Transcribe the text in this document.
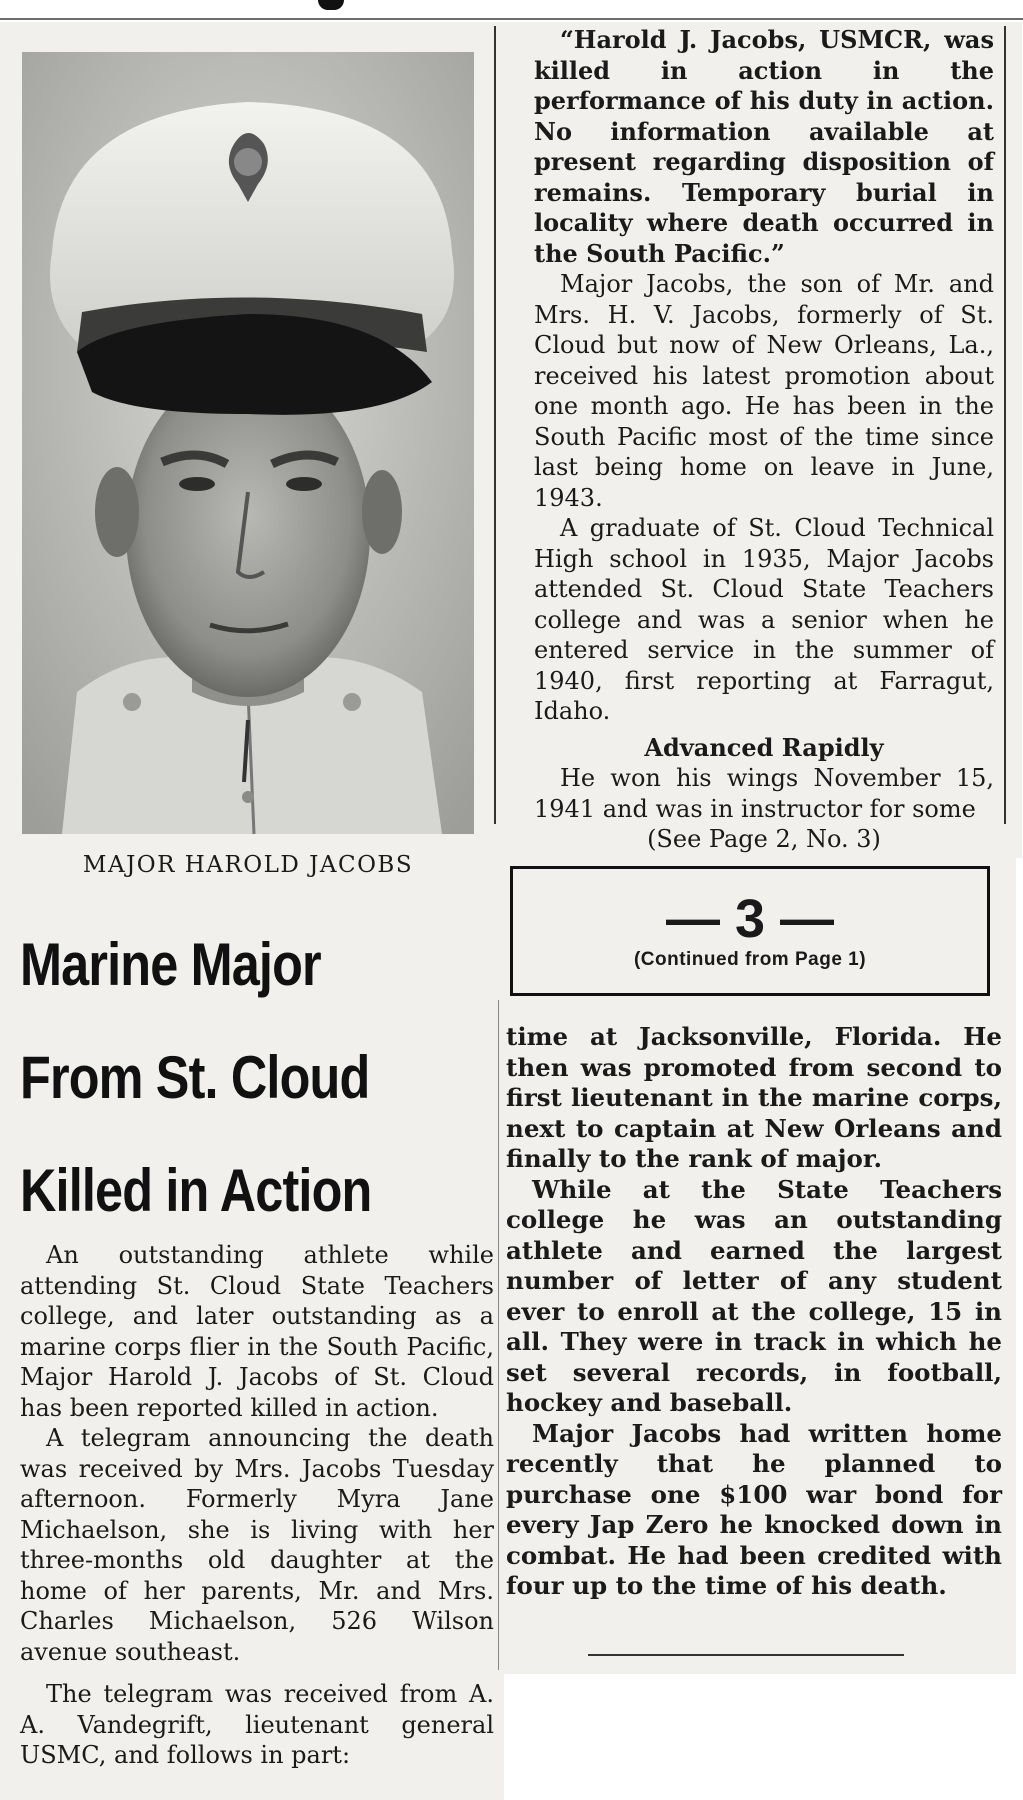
MAJOR HAROLD JACOBS

Marine Major
From St. Cloud
Killed in Action

An outstanding athlete while attending St. Cloud State Teachers college, and later outstanding as a marine corps flier in the South Pacific, Major Harold J. Jacobs of St. Cloud has been reported killed in action.

A telegram announcing the death was received by Mrs. Jacobs Tuesday afternoon. Formerly Myra Jane Michaelson, she is living with her three-months old daughter at the home of her parents, Mr. and Mrs. Charles Michaelson, 526 Wilson avenue southeast.

The telegram was received from A. A. Vandegrift, lieutenant general USMC, and follows in part:

“Harold J. Jacobs, USMCR, was killed in action in the performance of his duty in action. No information available at present regarding disposition of remains. Temporary burial in locality where death occurred in the South Pacific.”

Major Jacobs, the son of Mr. and Mrs. H. V. Jacobs, formerly of St. Cloud but now of New Orleans, La., received his latest promotion about one month ago. He has been in the South Pacific most of the time since last being home on leave in June, 1943.

A graduate of St. Cloud Technical High school in 1935, Major Jacobs attended St. Cloud State Teachers college and was a senior when he entered service in the summer of 1940, first reporting at Farragut, Idaho.

Advanced Rapidly

He won his wings November 15, 1941 and was in instructor for some

(See Page 2, No. 3)

— 3 —
(Continued from Page 1)

time at Jacksonville, Florida. He then was promoted from second to first lieutenant in the marine corps, next to captain at New Orleans and finally to the rank of major.

While at the State Teachers college he was an outstanding athlete and earned the largest number of letter of any student ever to enroll at the college, 15 in all. They were in track in which he set several records, in football, hockey and baseball.

Major Jacobs had written home recently that he planned to purchase one $100 war bond for every Jap Zero he knocked down in combat. He had been credited with four up to the time of his death.
